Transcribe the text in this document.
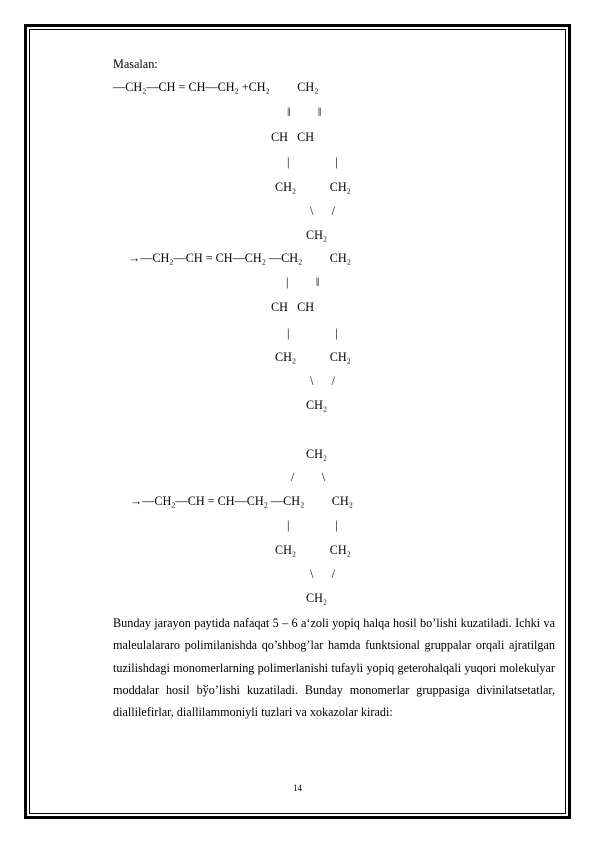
Masalan:
—CH₂—CH = CH—CH₂ +CH₂         CH₂
‖         ‖
CH   CH
|               |
CH₂           CH₂
\      /
CH₂
→—CH₂—CH = CH—CH₂ —CH₂         CH₂
|         ‖
CH   CH
|               |
CH₂           CH₂
\      /
CH₂
CH₂
/         \
→—CH₂—CH = CH—CH₂ —CH₂         CH₂
|               |
CH₂           CH₂
\      /
CH₂
Bunday jarayon paytida nafaqat 5 – 6 a‘zoli yopiq halqa hosil bo’lishi kuzatiladi. Ichki va maleulalararo polimilanishda qo’shbog’lar hamda funktsional gruppalar orqali ajratilgan tuzilishdagi monomerlarning polimerlanishi tufayli yopiq geterohalqali yuqori molekulyar moddalar hosil bўo’lishi kuzatiladi. Bunday monomerlar gruppasiga divinilatsetatlar, diallilefirlar, diallilammoniyli tuzlari va xokazolar kiradi:
14
